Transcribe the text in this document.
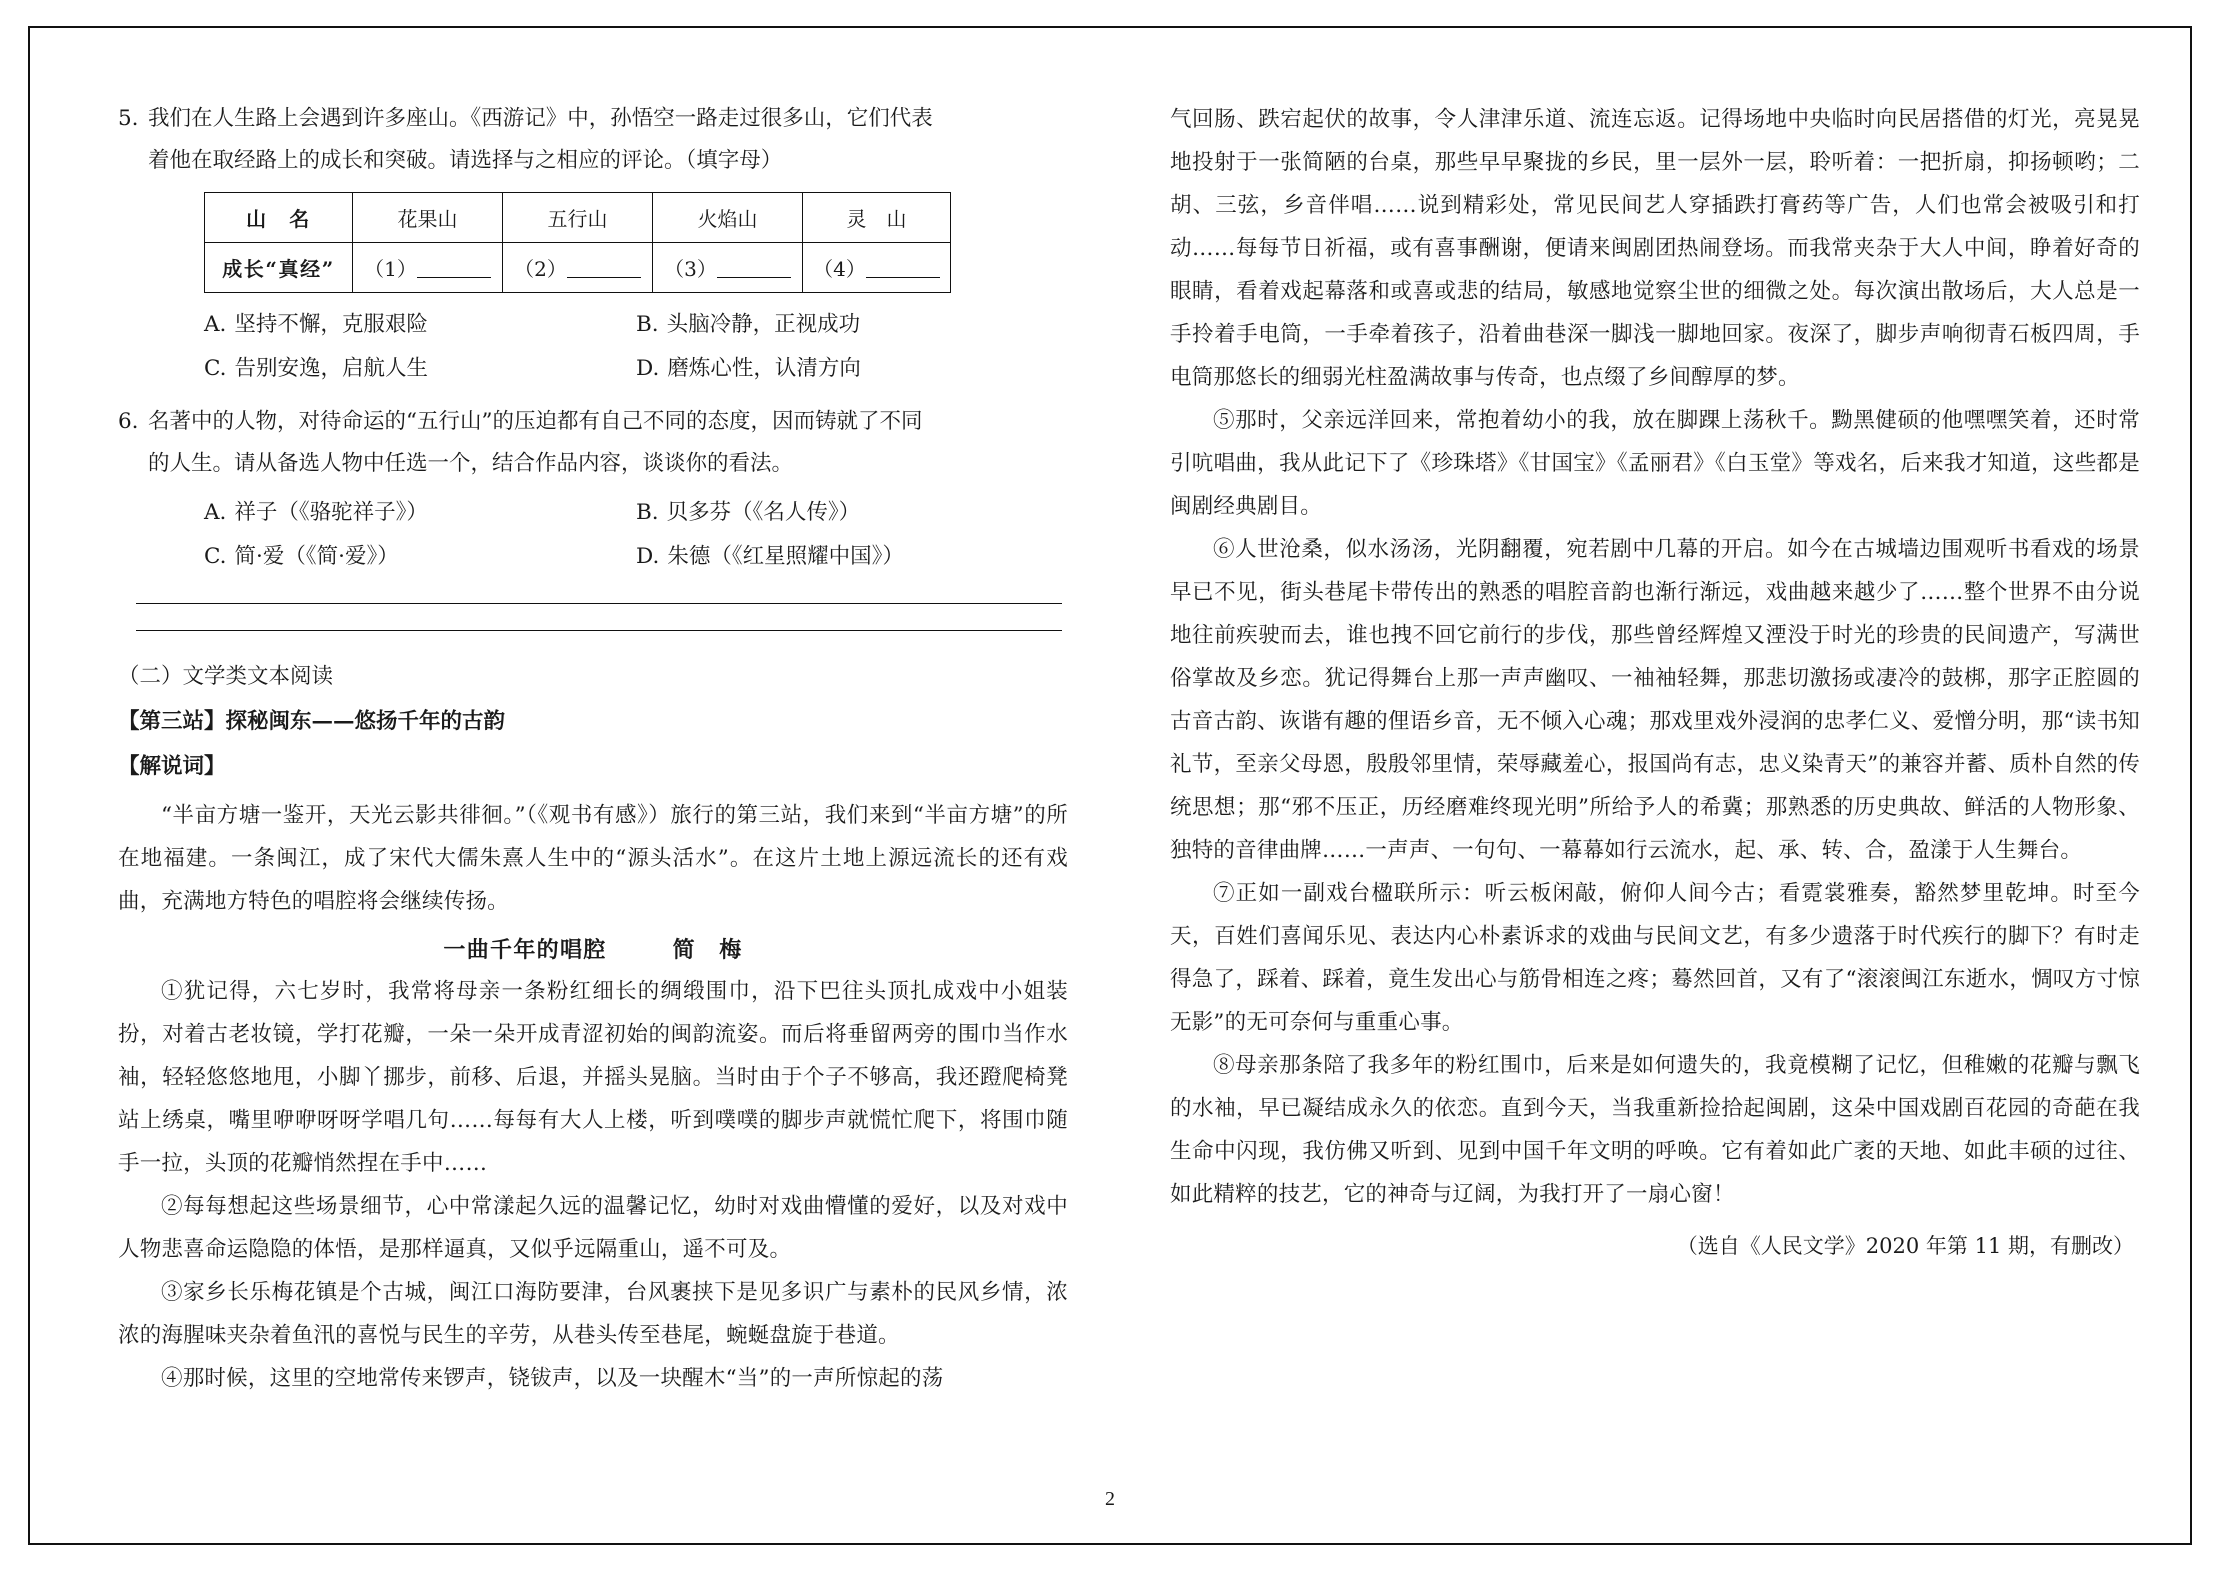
5. 我们在人生路上会遇到许多座山。《西游记》中，孙悟空一路走过很多山，它们代表
着他在取经路上的成长和突破。请选择与之相应的评论。（填字母）
山　名	花果山	五行山	火焰山	灵　山
成长“真经”	（1）	（2）	（3）	（4）
A. 坚持不懈，克服艰险	B. 头脑冷静，正视成功
C. 告别安逸，启航人生	D. 磨炼心性，认清方向
6. 名著中的人物，对待命运的“五行山”的压迫都有自己不同的态度，因而铸就了不同
的人生。请从备选人物中任选一个，结合作品内容，谈谈你的看法。
A. 祥子（《骆驼祥子》）	B. 贝多芬（《名人传》）
C. 简·爱（《简·爱》）	D. 朱德（《红星照耀中国》）
（二）文学类文本阅读
【第三站】探秘闽东——悠扬千年的古韵
【解说词】

“半亩方塘一鉴开，天光云影共徘徊。”（《观书有感》）旅行的第三站，我们来到“半亩方塘”的所在地福建。一条闽江，成了宋代大儒朱熹人生中的“源头活水”。在这片土地上源远流长的还有戏曲，充满地方特色的唱腔将会继续传扬。

一曲千年的唱腔	简　梅

①犹记得，六七岁时，我常将母亲一条粉红细长的绸缎围巾，沿下巴往头顶扎成戏中小姐装扮，对着古老妆镜，学打花瓣，一朵一朵开成青涩初始的闽韵流姿。而后将垂留两旁的围巾当作水袖，轻轻悠悠地甩，小脚丫挪步，前移、后退，并摇头晃脑。当时由于个子不够高，我还蹬爬椅凳站上绣桌，嘴里咿咿呀呀学唱几句……每每有大人上楼，听到噗噗的脚步声就慌忙爬下，将围巾随手一拉，头顶的花瓣悄然捏在手中……

②每每想起这些场景细节，心中常漾起久远的温馨记忆，幼时对戏曲懵懂的爱好，以及对戏中人物悲喜命运隐隐的体悟，是那样逼真，又似乎远隔重山，遥不可及。

③家乡长乐梅花镇是个古城，闽江口海防要津，台风裹挟下是见多识广与素朴的民风乡情，浓浓的海腥味夹杂着鱼汛的喜悦与民生的辛劳，从巷头传至巷尾，蜿蜒盘旋于巷道。

④那时候，这里的空地常传来锣声，铙钹声，以及一块醒木“当”的一声所惊起的荡

气回肠、跌宕起伏的故事，令人津津乐道、流连忘返。记得场地中央临时向民居搭借的灯光，亮晃晃地投射于一张简陋的台桌，那些早早聚拢的乡民，里一层外一层，聆听着：一把折扇，抑扬顿哟；二胡、三弦，乡音伴唱……说到精彩处，常见民间艺人穿插跌打膏药等广告，人们也常会被吸引和打动……每每节日祈福，或有喜事酬谢，便请来闽剧团热闹登场。而我常夹杂于大人中间，睁着好奇的眼睛，看着戏起幕落和或喜或悲的结局，敏感地觉察尘世的细微之处。每次演出散场后，大人总是一手拎着手电筒，一手牵着孩子，沿着曲巷深一脚浅一脚地回家。夜深了，脚步声响彻青石板四周，手电筒那悠长的细弱光柱盈满故事与传奇，也点缀了乡间醇厚的梦。

⑤那时，父亲远洋回来，常抱着幼小的我，放在脚踝上荡秋千。黝黑健硕的他嘿嘿笑着，还时常引吭唱曲，我从此记下了《珍珠塔》《甘国宝》《孟丽君》《白玉堂》等戏名，后来我才知道，这些都是闽剧经典剧目。

⑥人世沧桑，似水汤汤，光阴翻覆，宛若剧中几幕的开启。如今在古城墙边围观听书看戏的场景早已不见，街头巷尾卡带传出的熟悉的唱腔音韵也渐行渐远，戏曲越来越少了……整个世界不由分说地往前疾驶而去，谁也拽不回它前行的步伐，那些曾经辉煌又湮没于时光的珍贵的民间遗产，写满世俗掌故及乡恋。犹记得舞台上那一声声幽叹、一袖袖轻舞，那悲切激扬或凄冷的鼓梆，那字正腔圆的古音古韵、诙谐有趣的俚语乡音，无不倾入心魂；那戏里戏外浸润的忠孝仁义、爱憎分明，那“读书知礼节，至亲父母恩，殷殷邻里情，荣辱藏羞心，报国尚有志，忠义染青天”的兼容并蓄、质朴自然的传统思想；那“邪不压正，历经磨难终现光明”所给予人的希冀；那熟悉的历史典故、鲜活的人物形象、独特的音律曲牌……一声声、一句句、一幕幕如行云流水，起、承、转、合，盈漾于人生舞台。

⑦正如一副戏台楹联所示：听云板闲敲，俯仰人间今古；看霓裳雅奏，豁然梦里乾坤。时至今天，百姓们喜闻乐见、表达内心朴素诉求的戏曲与民间文艺，有多少遗落于时代疾行的脚下？有时走得急了，踩着、踩着，竟生发出心与筋骨相连之疼；蓦然回首，又有了“滚滚闽江东逝水，惆叹方寸惊无影”的无可奈何与重重心事。

⑧母亲那条陪了我多年的粉红围巾，后来是如何遗失的，我竟模糊了记忆，但稚嫩的花瓣与飘飞的水袖，早已凝结成永久的依恋。直到今天，当我重新捡拾起闽剧，这朵中国戏剧百花园的奇葩在我生命中闪现，我仿佛又听到、见到中国千年文明的呼唤。它有着如此广袤的天地、如此丰硕的过往、如此精粹的技艺，它的神奇与辽阔，为我打开了一扇心窗！

（选自《人民文学》2020 年第 11 期，有删改）
2
